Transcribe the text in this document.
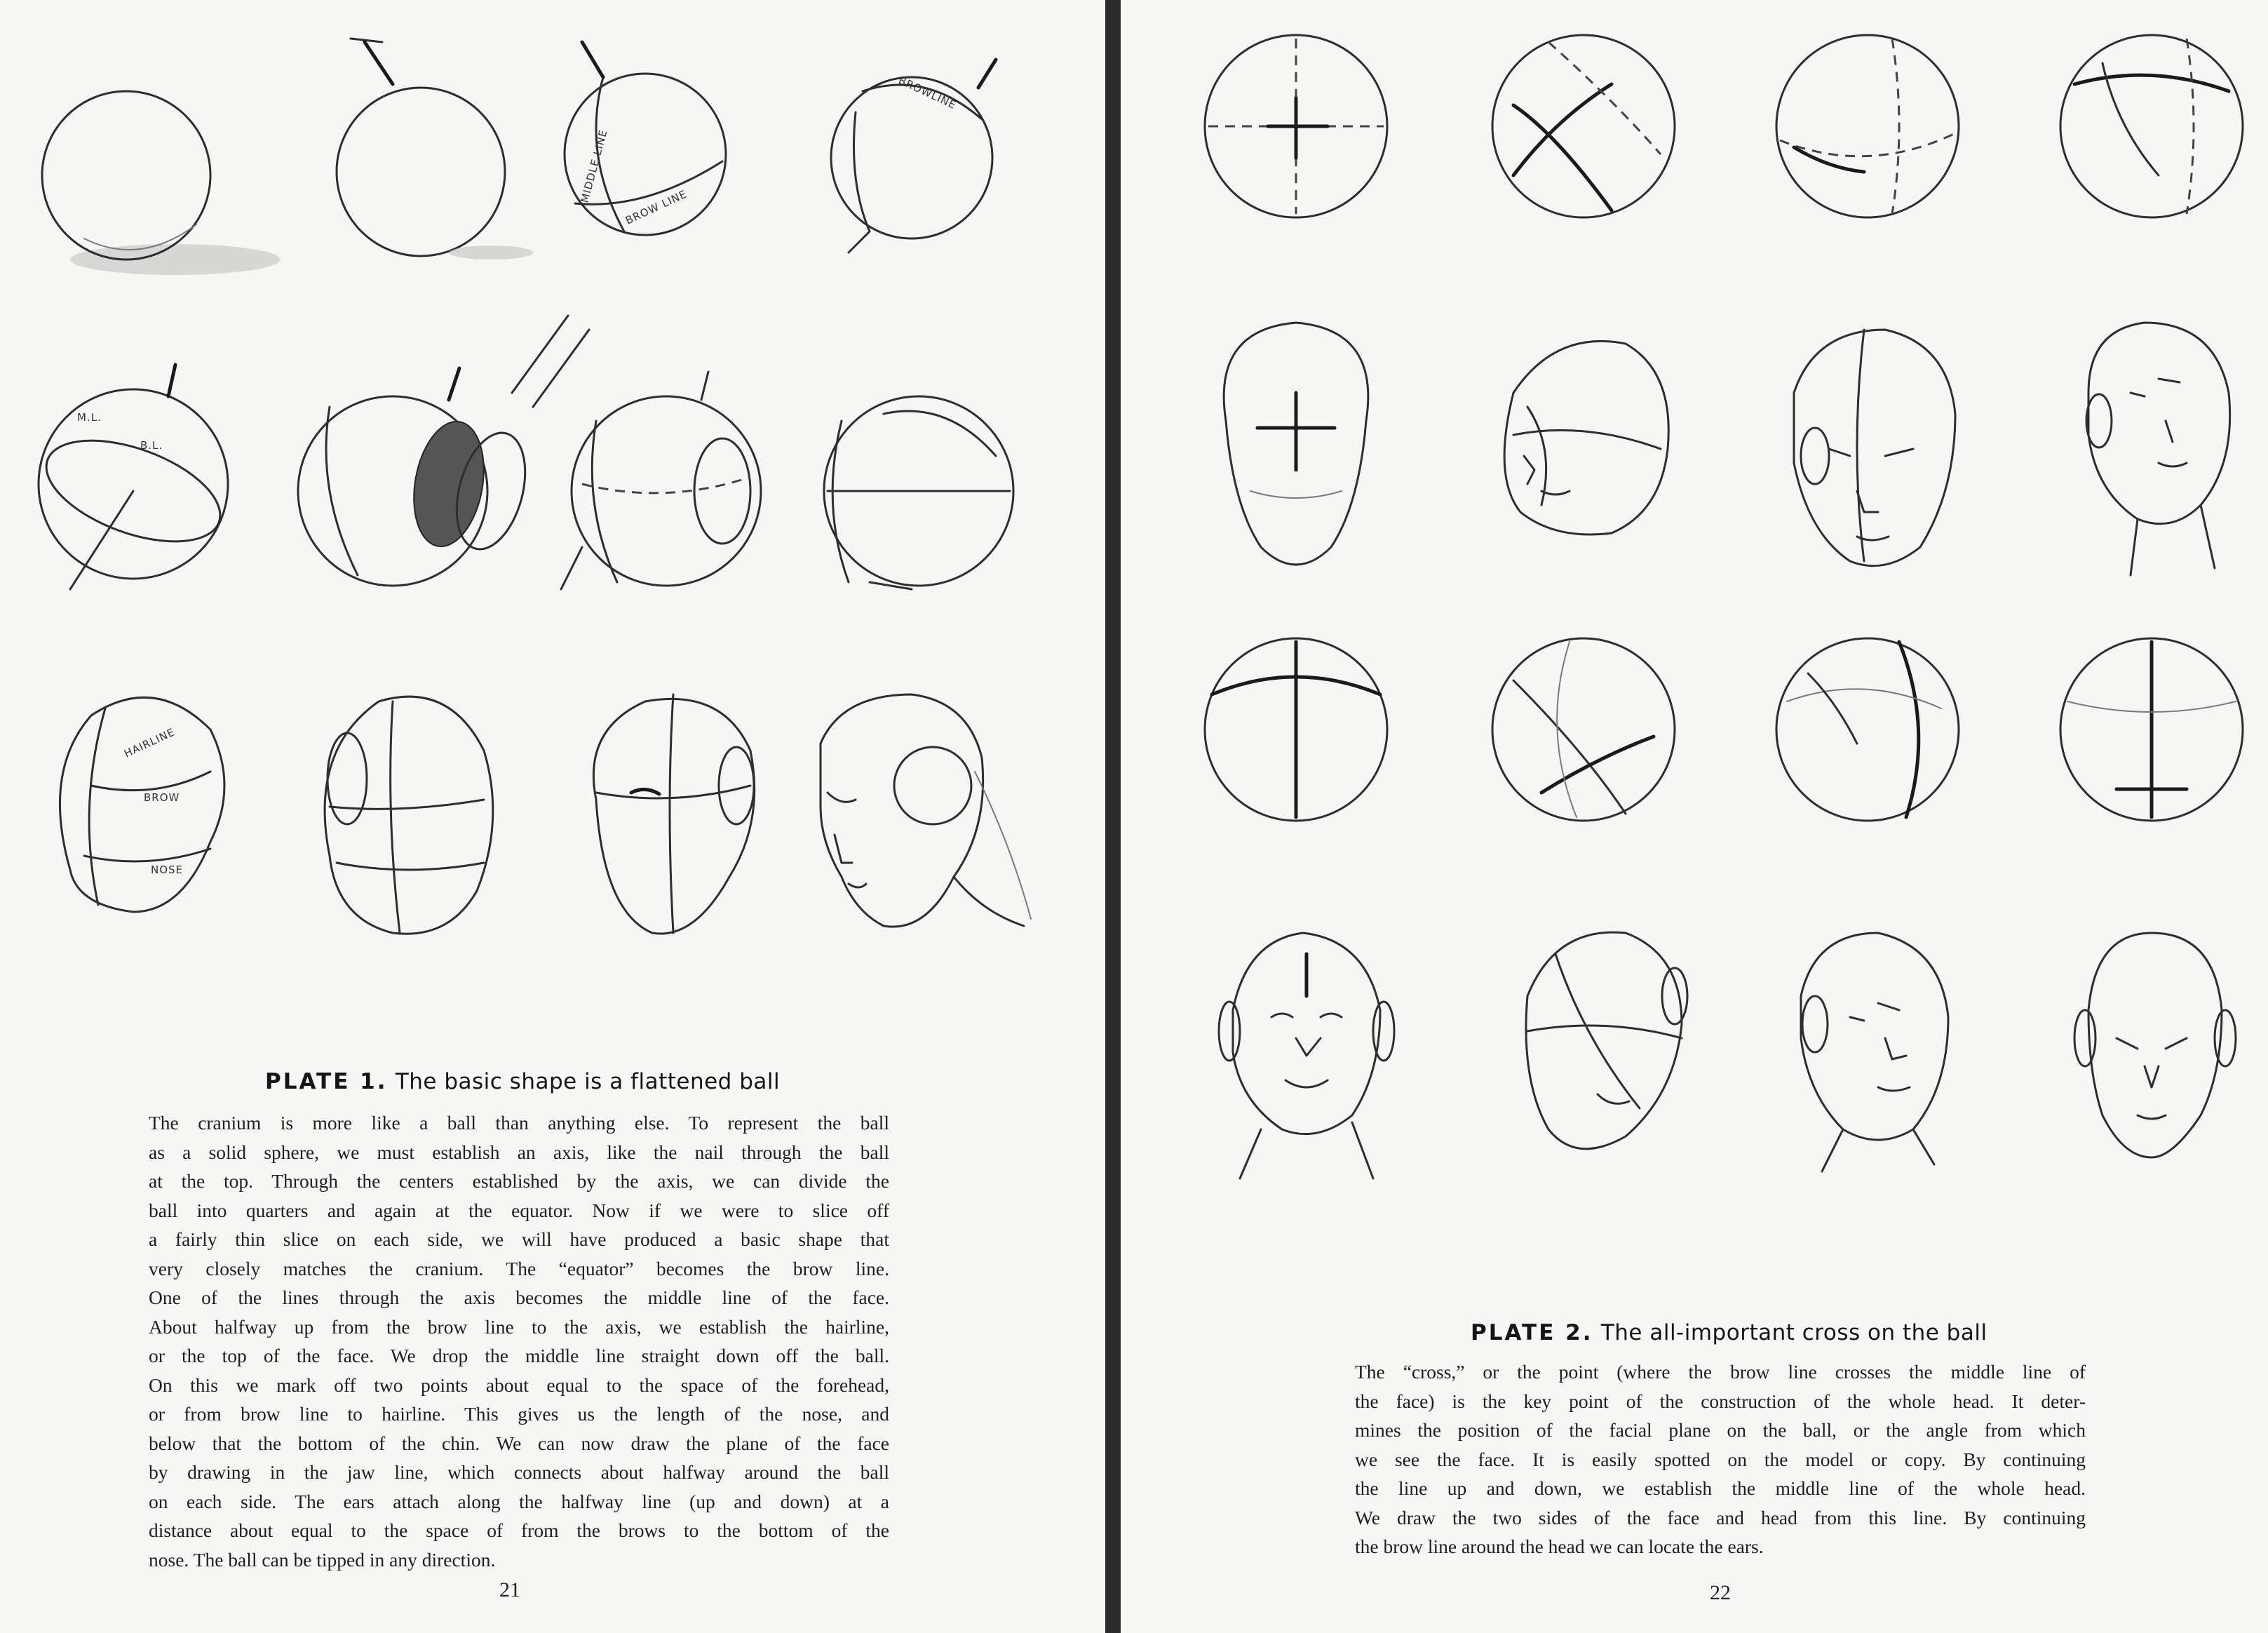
MIDDLE LINE
BROW LINE
BROWLINE
M.L.
B.L.
HAIRLINE
BROW
NOSE
PLATE 1. The basic shape is a flattened ball
The cranium is more like a ball than anything else. To represent the ball
as a solid sphere, we must establish an axis, like the nail through the ball
at the top. Through the centers established by the axis, we can divide the
ball into quarters and again at the equator. Now if we were to slice off
a fairly thin slice on each side, we will have produced a basic shape that
very closely matches the cranium. The “equator” becomes the brow line.
One of the lines through the axis becomes the middle line of the face.
About halfway up from the brow line to the axis, we establish the hairline,
or the top of the face. We drop the middle line straight down off the ball.
On this we mark off two points about equal to the space of the forehead,
or from brow line to hairline. This gives us the length of the nose, and
below that the bottom of the chin. We can now draw the plane of the face
by drawing in the jaw line, which connects about halfway around the ball
on each side. The ears attach along the halfway line (up and down) at a
distance about equal to the space of from the brows to the bottom of the
nose. The ball can be tipped in any direction.
21
PLATE 2. The all-important cross on the ball
The “cross,” or the point (where the brow line crosses the middle line of
the face) is the key point of the construction of the whole head. It deter-
mines the position of the facial plane on the ball, or the angle from which
we see the face. It is easily spotted on the model or copy. By continuing
the line up and down, we establish the middle line of the whole head.
We draw the two sides of the face and head from this line. By continuing
the brow line around the head we can locate the ears.
22
